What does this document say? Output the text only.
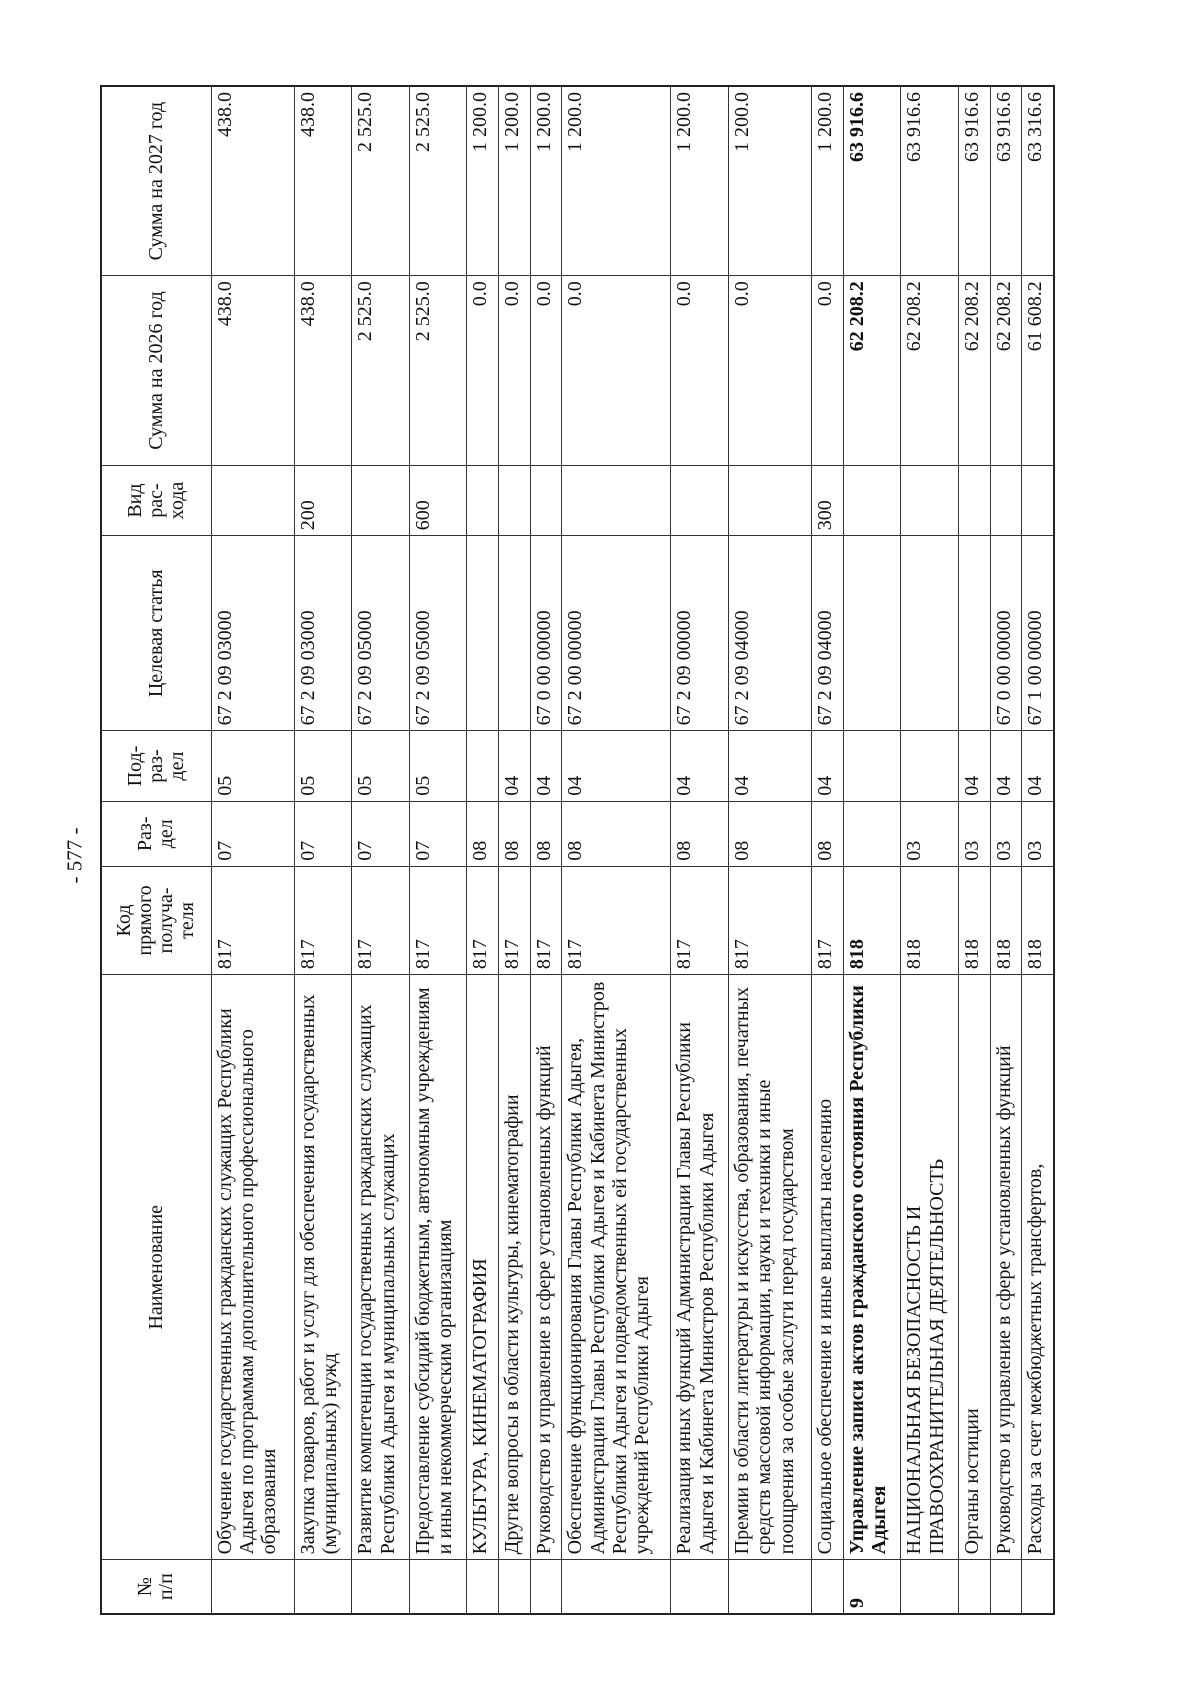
- 577 -
№
п/п	Наименование	Код прямого получа-теля	Раз-дел	Под-раз-дел	Целевая статья	Вид рас-хода	Сумма на 2026 год	Сумма на 2027 год
	Обучение государственных гражданских служащих Республики Адыгея по программам дополнительного профессионального образования	817	07	05	67 2 09 03000		438.0	438.0
	Закупка товаров, работ и услуг для обеспечения государственных (муниципальных) нужд	817	07	05	67 2 09 03000	200	438.0	438.0
	Развитие компетенции государственных гражданских служащих Республики Адыгея и муниципальных служащих	817	07	05	67 2 09 05000		2 525.0	2 525.0
	Предоставление субсидий бюджетным, автономным учреждениям и иным некоммерческим организациям	817	07	05	67 2 09 05000	600	2 525.0	2 525.0
	КУЛЬТУРА, КИНЕМАТОГРАФИЯ	817	08				0.0	1 200.0
	Другие вопросы в области культуры, кинематографии	817	08	04			0.0	1 200.0
	Руководство и управление в сфере установленных функций	817	08	04	67 0 00 00000		0.0	1 200.0
	Обеспечение функционирования Главы Республики Адыгея, Администрации Главы Республики Адыгея и Кабинета Министров Республики Адыгея и подведомственных ей государственных учреждений Республики Адыгея	817	08	04	67 2 00 00000		0.0	1 200.0
	Реализация иных функций Администрации Главы Республики Адыгея и Кабинета Министров Республики Адыгея	817	08	04	67 2 09 00000		0.0	1 200.0
	Премии в области литературы и искусства, образования, печатных средств массовой информации, науки и техники и иные поощрения за особые заслуги перед государством	817	08	04	67 2 09 04000		0.0	1 200.0
	Социальное обеспечение и иные выплаты населению	817	08	04	67 2 09 04000	300	0.0	1 200.0
9	Управление записи актов гражданского состояния Республики Адыгея	818					62 208.2	63 916.6
	НАЦИОНАЛЬНАЯ БЕЗОПАСНОСТЬ И ПРАВООХРАНИТЕЛЬНАЯ ДЕЯТЕЛЬНОСТЬ	818	03				62 208.2	63 916.6
	Органы юстиции	818	03	04			62 208.2	63 916.6
	Руководство и управление в сфере установленных функций	818	03	04	67 0 00 00000		62 208.2	63 916.6
	Расходы за счет межбюджетных трансфертов,	818	03	04	67 1 00 00000		61 608.2	63 316.6
